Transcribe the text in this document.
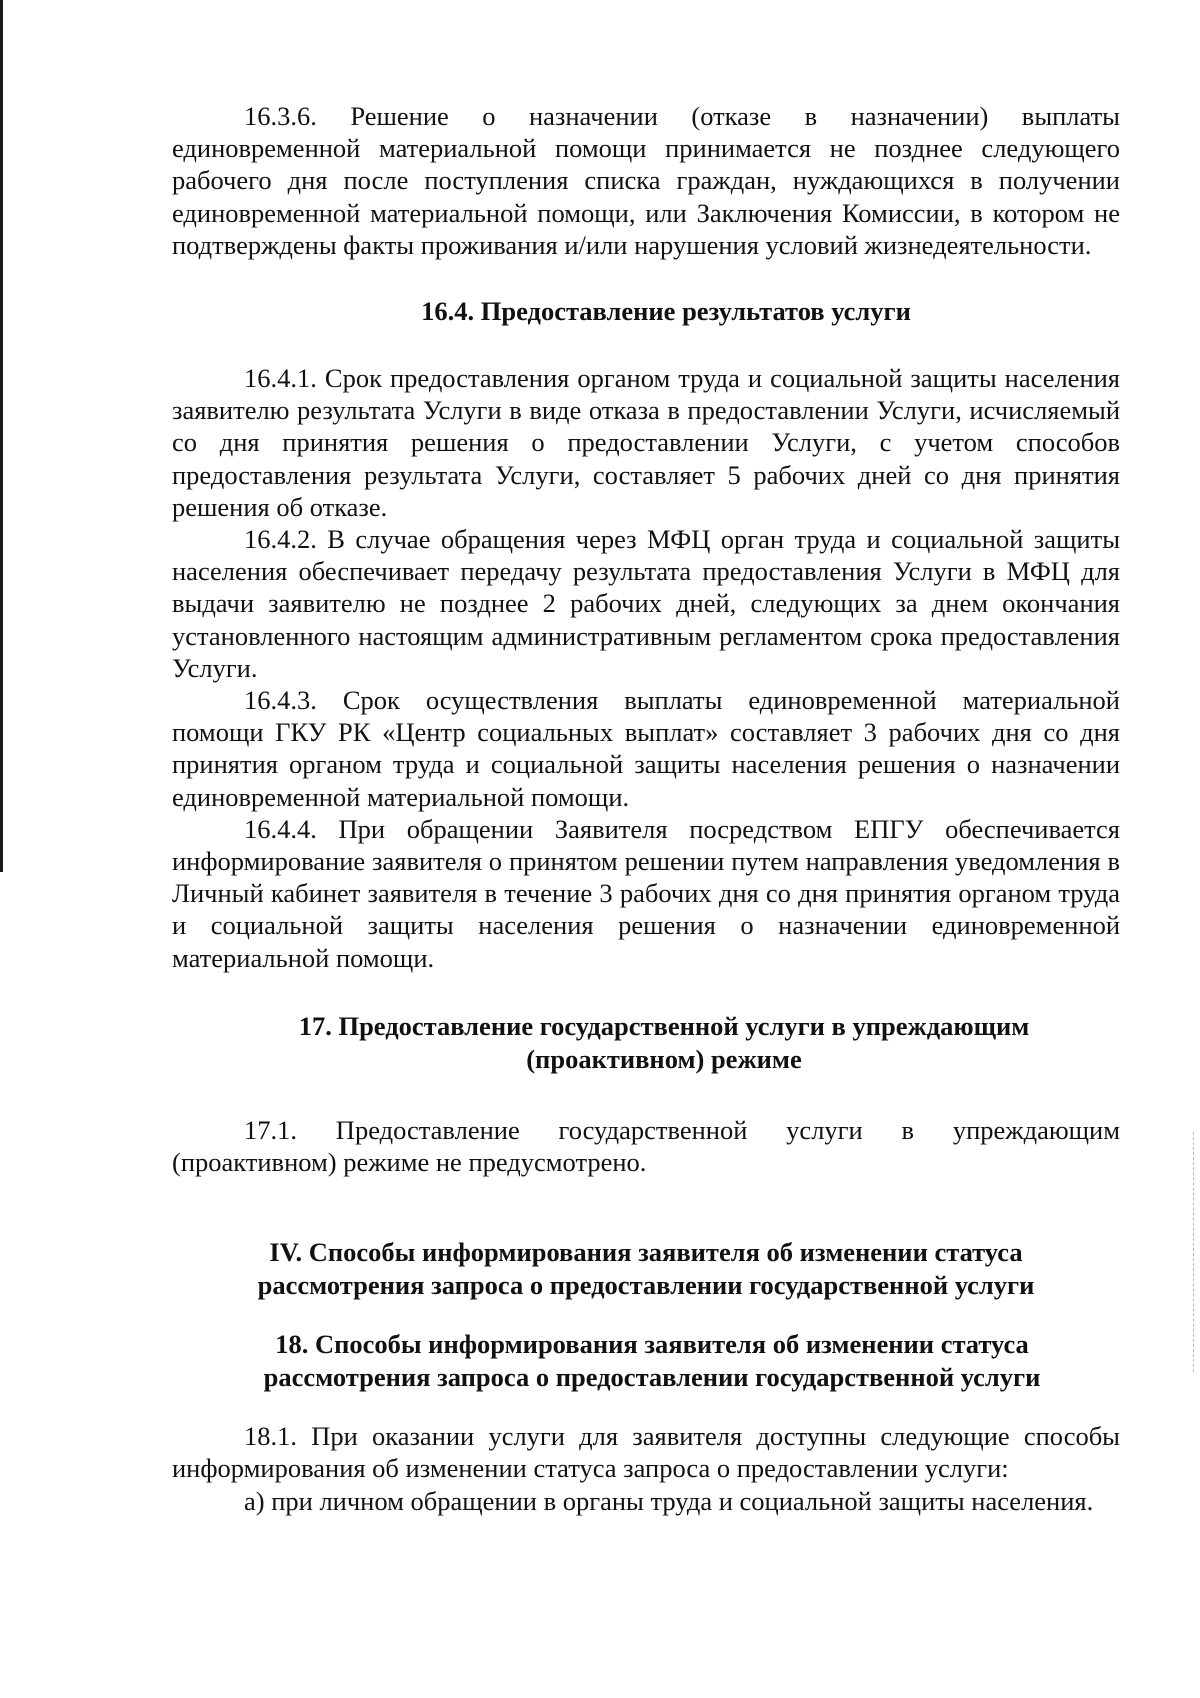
16.3.6. Решение о назначении (отказе в назначении) выплаты единовременной материальной помощи принимается не позднее следующего рабочего дня после поступления списка граждан, нуждающихся в получении единовременной материальной помощи, или Заключения Комиссии, в котором не подтверждены факты проживания и/или нарушения условий жизнедеятельности.

16.4. Предоставление результатов услуги

16.4.1. Срок предоставления органом труда и социальной защиты населения заявителю результата Услуги в виде отказа в предоставлении Услуги, исчисляемый со дня принятия решения о предоставлении Услуги, с учетом способов предоставления результата Услуги, составляет 5 рабочих дней со дня принятия решения об отказе.

16.4.2. В случае обращения через МФЦ орган труда и социальной защиты населения обеспечивает передачу результата предоставления Услуги в МФЦ для выдачи заявителю не позднее 2 рабочих дней, следующих за днем окончания установленного настоящим административным регламентом срока предоставления Услуги.

16.4.3. Срок осуществления выплаты единовременной материальной помощи ГКУ РК «Центр социальных выплат» составляет 3 рабочих дня со дня принятия органом труда и социальной защиты населения решения о назначении единовременной материальной помощи.

16.4.4. При обращении Заявителя посредством ЕПГУ обеспечивается информирование заявителя о принятом решении путем направления уведомления в Личный кабинет заявителя в течение 3 рабочих дня со дня принятия органом труда и социальной защиты населения решения о назначении единовременной материальной помощи.

17. Предоставление государственной услуги в упреждающим
(проактивном) режиме

17.1. Предоставление государственной услуги в упреждающим (проактивном) режиме не предусмотрено.

IV. Способы информирования заявителя об изменении статуса
рассмотрения запроса о предоставлении государственной услуги
18. Способы информирования заявителя об изменении статуса
рассмотрения запроса о предоставлении государственной услуги

18.1. При оказании услуги для заявителя доступны следующие способы информирования об изменении статуса запроса о предоставлении услуги:

а) при личном обращении в органы труда и социальной защиты населения.
